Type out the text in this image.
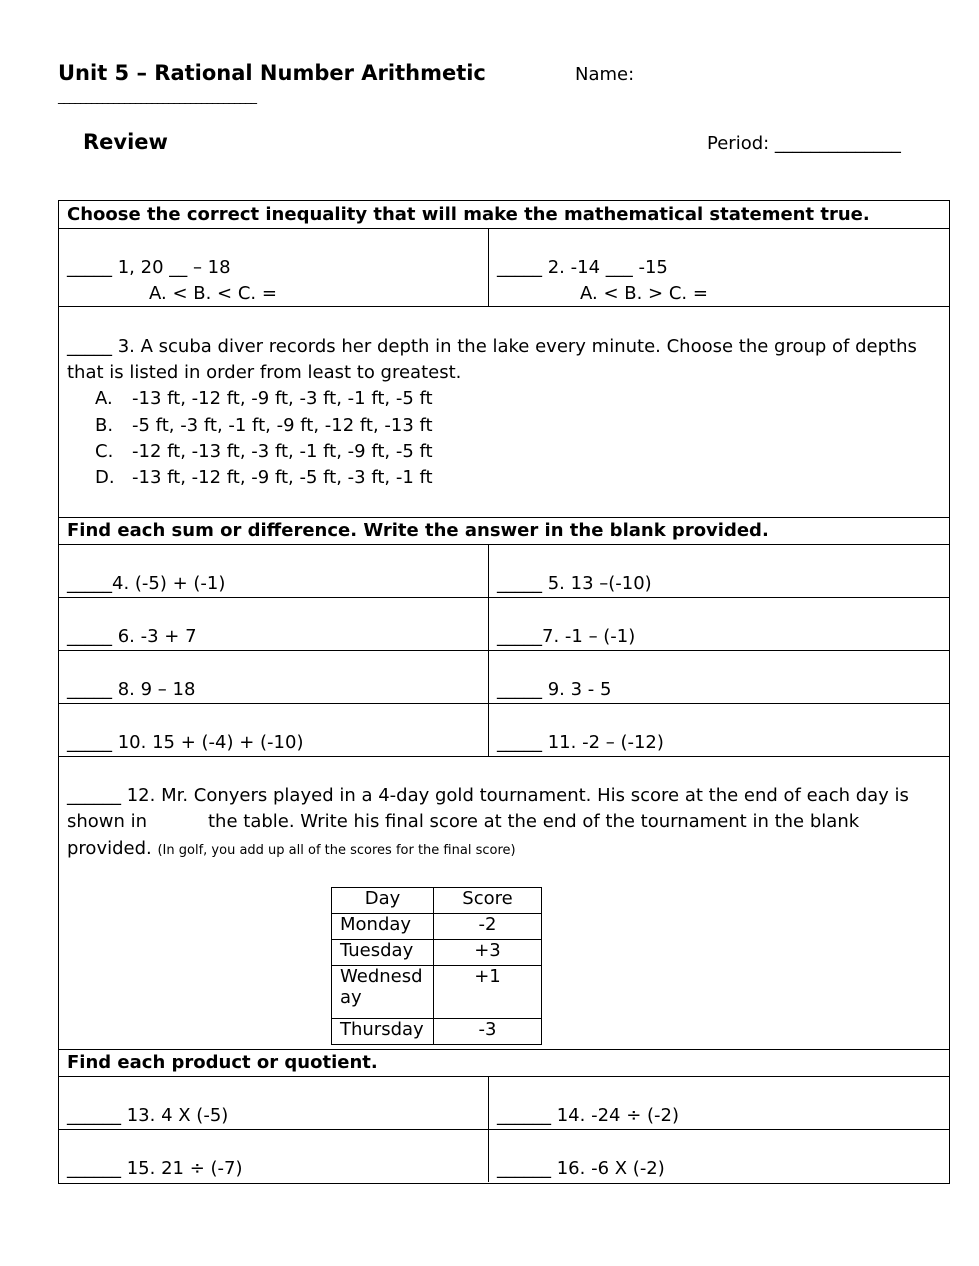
Unit 5 – Rational Number Arithmetic	Name:
____________________________________
Review	Period: ______________
Choose the correct inequality that will make the mathematical statement true.
_____ 1, 20 __ – 18
A. < B. < C. =
_____ 2. -14 ___ -15
A. < B. > C. =
_____ 3. A scuba diver records her depth in the lake every minute. Choose the group of depths
that is listed in order from least to greatest.
A. -13 ft, -12 ft, -9 ft, -3 ft, -1 ft, -5 ft
B. -5 ft, -3 ft, -1 ft, -9 ft, -12 ft, -13 ft
C. -12 ft, -13 ft, -3 ft, -1 ft, -9 ft, -5 ft
D. -13 ft, -12 ft, -9 ft, -5 ft, -3 ft, -1 ft
Find each sum or difference. Write the answer in the blank provided.
_____4. (-5) + (-1)	_____ 5. 13 –(-10)
_____ 6. -3 + 7	_____7. -1 – (-1)
_____ 8. 9 – 18	_____ 9. 3 - 5
_____ 10. 15 + (-4) + (-10)	_____ 11. -2 – (-12)
______ 12. Mr. Conyers played in a 4-day gold tournament. His score at the end of each day is
shown in	the table. Write his final score at the end of the tournament in the blank
provided. (In golf, you add up all of the scores for the final score)
Day	Score
Monday	-2
Tuesday	+3
Wednesd
ay	+1
Thursday	-3
Find each product or quotient.
______ 13. 4 X (-5)	______ 14. -24 ÷ (-2)
______ 15. 21 ÷ (-7)	______ 16. -6 X (-2)
